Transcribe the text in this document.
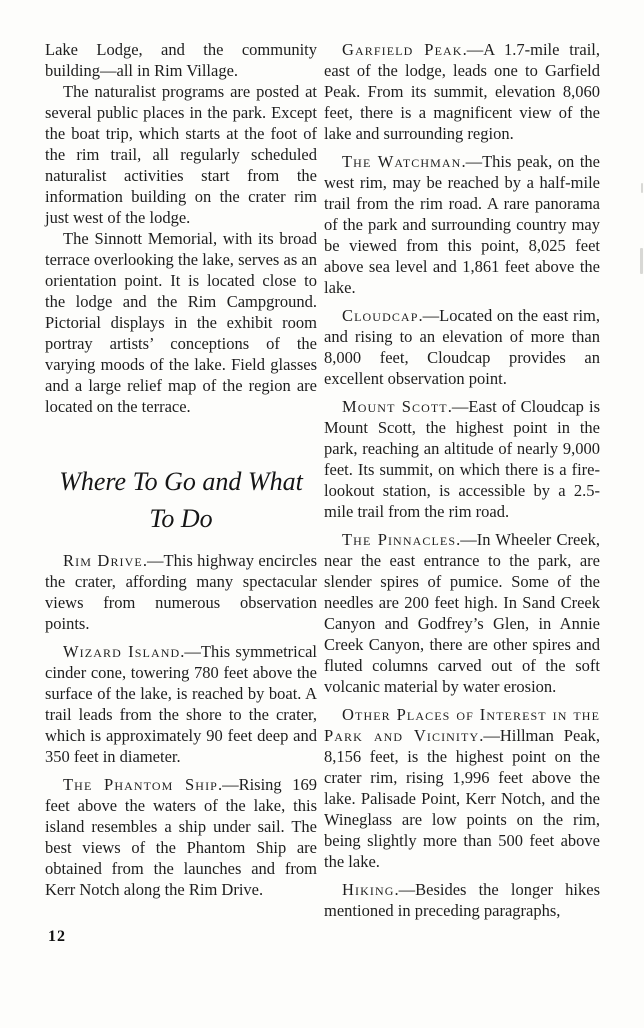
Lake Lodge, and the community building—all in Rim Village.

The naturalist programs are posted at several public places in the park. Except the boat trip, which starts at the foot of the rim trail, all regularly scheduled naturalist activities start from the information building on the crater rim just west of the lodge.

The Sinnott Memorial, with its broad terrace overlooking the lake, serves as an orientation point. It is located close to the lodge and the Rim Campground. Pictorial displays in the exhibit room portray artists’ conceptions of the varying moods of the lake. Field glasses and a large relief map of the region are located on the terrace.

Where To Go and What
To Do

Rim Drive.—This highway encircles the crater, affording many spectacular views from numerous observation points.

Wizard Island.—This symmetrical cinder cone, towering 780 feet above the surface of the lake, is reached by boat. A trail leads from the shore to the crater, which is approximately 90 feet deep and 350 feet in diameter.

The Phantom Ship.—Rising 169 feet above the waters of the lake, this island resembles a ship under sail. The best views of the Phantom Ship are obtained from the launches and from Kerr Notch along the Rim Drive.

Garfield Peak.—A 1.7-mile trail, east of the lodge, leads one to Garfield Peak. From its summit, elevation 8,060 feet, there is a magnificent view of the lake and surrounding region.

The Watchman.—This peak, on the west rim, may be reached by a half-mile trail from the rim road. A rare panorama of the park and surrounding country may be viewed from this point, 8,025 feet above sea level and 1,861 feet above the lake.

Cloudcap.—Located on the east rim, and rising to an elevation of more than 8,000 feet, Cloudcap provides an excellent observation point.

Mount Scott.—East of Cloudcap is Mount Scott, the highest point in the park, reaching an altitude of nearly 9,000 feet. Its summit, on which there is a fire-lookout station, is accessible by a 2.5-mile trail from the rim road.

The Pinnacles.—In Wheeler Creek, near the east entrance to the park, are slender spires of pumice. Some of the needles are 200 feet high. In Sand Creek Canyon and Godfrey’s Glen, in Annie Creek Canyon, there are other spires and fluted columns carved out of the soft volcanic material by water erosion.

Other Places of Interest in the Park and Vicinity.—Hillman Peak, 8,156 feet, is the highest point on the crater rim, rising 1,996 feet above the lake. Palisade Point, Kerr Notch, and the Wineglass are low points on the rim, being slightly more than 500 feet above the lake.

Hiking.—Besides the longer hikes mentioned in preceding paragraphs,

12
